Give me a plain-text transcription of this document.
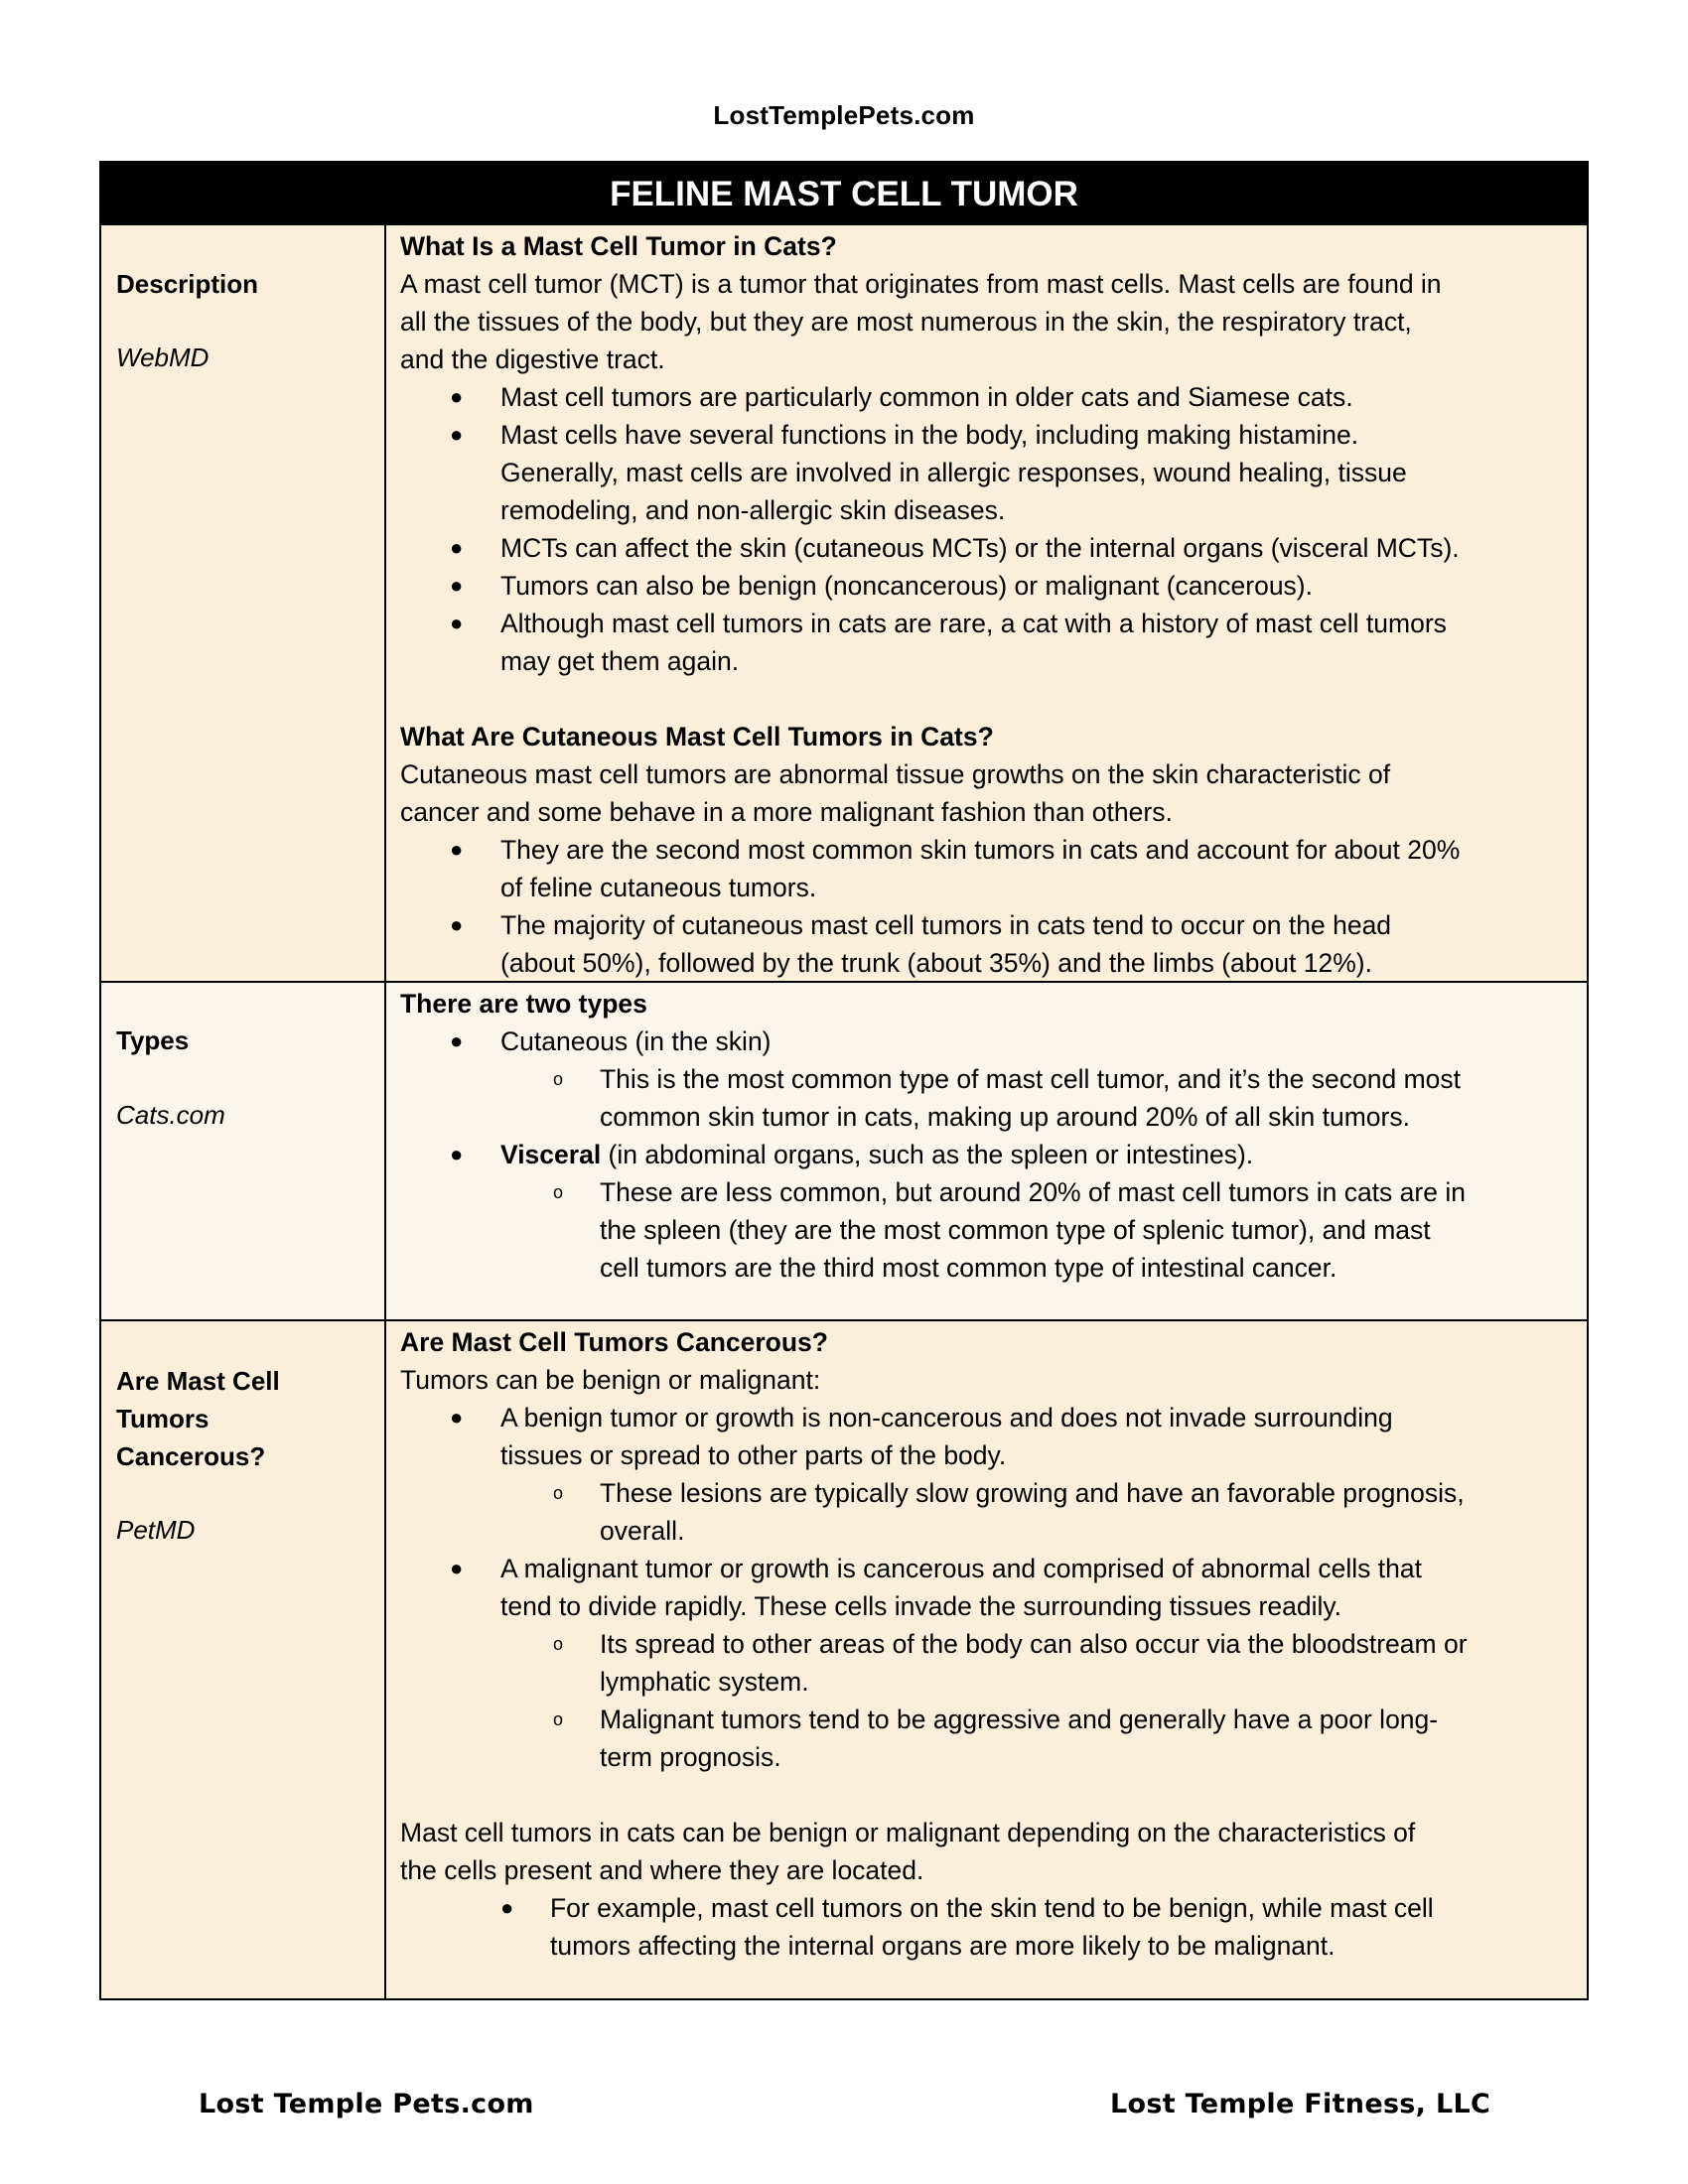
LostTemplePets.com
FELINE MAST CELL TUMOR
Description
WebMD
What Is a Mast Cell Tumor in Cats?
A mast cell tumor (MCT) is a tumor that originates from mast cells. Mast cells are found in
all the tissues of the body, but they are most numerous in the skin, the respiratory tract,
and the digestive tract.
● Mast cell tumors are particularly common in older cats and Siamese cats.
● Mast cells have several functions in the body, including making histamine.
Generally, mast cells are involved in allergic responses, wound healing, tissue
remodeling, and non-allergic skin diseases.
● MCTs can affect the skin (cutaneous MCTs) or the internal organs (visceral MCTs).
● Tumors can also be benign (noncancerous) or malignant (cancerous).
● Although mast cell tumors in cats are rare, a cat with a history of mast cell tumors
may get them again.
What Are Cutaneous Mast Cell Tumors in Cats?
Cutaneous mast cell tumors are abnormal tissue growths on the skin characteristic of
cancer and some behave in a more malignant fashion than others.
● They are the second most common skin tumors in cats and account for about 20%
of feline cutaneous tumors.
● The majority of cutaneous mast cell tumors in cats tend to occur on the head
(about 50%), followed by the trunk (about 35%) and the limbs (about 12%).
Types
Cats.com
There are two types
● Cutaneous (in the skin)
o This is the most common type of mast cell tumor, and it’s the second most
common skin tumor in cats, making up around 20% of all skin tumors.
● Visceral (in abdominal organs, such as the spleen or intestines).
o These are less common, but around 20% of mast cell tumors in cats are in
the spleen (they are the most common type of splenic tumor), and mast
cell tumors are the third most common type of intestinal cancer.
Are Mast Cell
Tumors
Cancerous?
PetMD
Are Mast Cell Tumors Cancerous?
Tumors can be benign or malignant:
● A benign tumor or growth is non-cancerous and does not invade surrounding
tissues or spread to other parts of the body.
o These lesions are typically slow growing and have an favorable prognosis,
overall.
● A malignant tumor or growth is cancerous and comprised of abnormal cells that
tend to divide rapidly. These cells invade the surrounding tissues readily.
o Its spread to other areas of the body can also occur via the bloodstream or
lymphatic system.
o Malignant tumors tend to be aggressive and generally have a poor long-
term prognosis.
Mast cell tumors in cats can be benign or malignant depending on the characteristics of
the cells present and where they are located.
● For example, mast cell tumors on the skin tend to be benign, while mast cell
tumors affecting the internal organs are more likely to be malignant.
Lost Temple Pets.com	Lost Temple Fitness, LLC
